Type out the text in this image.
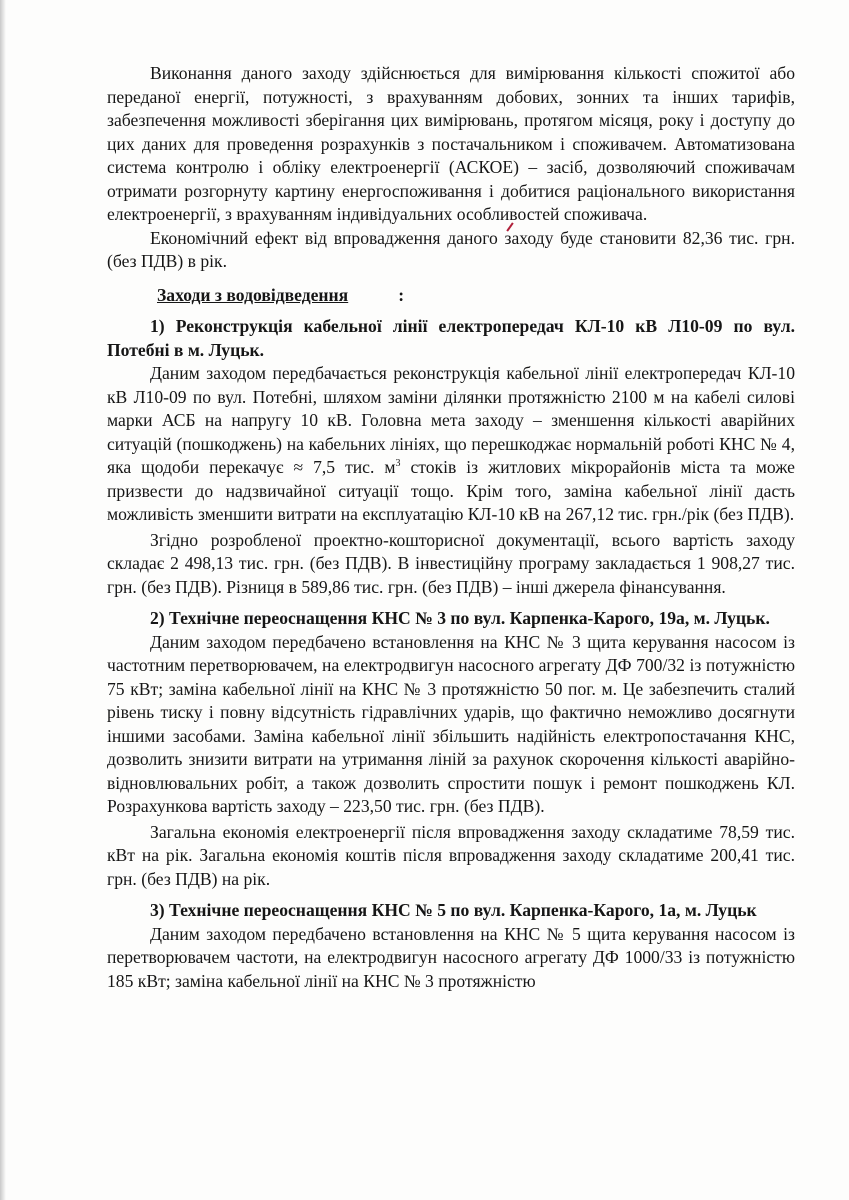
Виконання даного заходу здійснюється для вимірювання кількості спожитої або переданої енергії, потужності, з врахуванням добових, зонних та інших тарифів, забезпечення можливості зберігання цих вимірювань, протягом місяця, року і доступу до цих даних для проведення розрахунків з постачальником і споживачем. Автоматизована система контролю і обліку електроенергії (АСКОЕ) – засіб, дозволяючий споживачам отримати розгорнуту картину енергоспоживання і добитися раціонального використання електроенергії, з врахуванням індивідуальних особливостей споживача.

Економічний ефект від впровадження даного заходу буде становити 82,36 тис. грн. (без ПДВ) в рік.

Заходи з водовідведення	:

1) Реконструкція кабельної лінії електропередач КЛ-10 кВ Л10-09 по вул. Потебні в м. Луцьк.

Даним заходом передбачається реконструкція кабельної лінії електропередач КЛ-10 кВ Л10-09 по вул. Потебні, шляхом заміни ділянки протяжністю 2100 м на кабелі силові марки АСБ на напругу 10 кВ. Головна мета заходу – зменшення кількості аварійних ситуацій (пошкоджень) на кабельних лініях, що перешкоджає нормальній роботі КНС № 4, яка щодоби перекачує ≈ 7,5 тис. $м^3$ стоків із житлових мікрорайонів міста та може призвести до надзвичайної ситуації тощо. Крім того, заміна кабельної лінії дасть можливість зменшити витрати на експлуатацію КЛ-10 кВ на 267,12 тис. грн./рік (без ПДВ).

Згідно розробленої проектно-кошторисної документації, всього вартість заходу складає 2 498,13 тис. грн. (без ПДВ). В інвестиційну програму закладається 1 908,27 тис. грн. (без ПДВ). Різниця в 589,86 тис. грн. (без ПДВ) – інші джерела фінансування.

2) Технічне переоснащення КНС № 3 по вул. Карпенка-Карого, 19а, м. Луцьк.

Даним заходом передбачено встановлення на КНС № 3 щита керування насосом із частотним перетворювачем, на електродвигун насосного агрегату ДФ 700/32 із потужністю 75 кВт; заміна кабельної лінії на КНС № 3 протяжністю 50 пог. м. Це забезпечить сталий рівень тиску і повну відсутність гідравлічних ударів, що фактично неможливо досягнути іншими засобами. Заміна кабельної лінії збільшить надійність електропостачання КНС, дозволить знизити витрати на утримання ліній за рахунок скорочення кількості аварійно-відновлювальних робіт, а також дозволить спростити пошук і ремонт пошкоджень КЛ. Розрахункова вартість заходу – 223,50 тис. грн. (без ПДВ).

Загальна економія електроенергії після впровадження заходу складатиме 78,59 тис. кВт на рік. Загальна економія коштів після впровадження заходу складатиме 200,41 тис. грн. (без ПДВ) на рік.

3) Технічне переоснащення КНС № 5 по вул. Карпенка-Карого, 1а, м. Луцьк

Даним заходом передбачено встановлення на КНС № 5 щита керування насосом із перетворювачем частоти, на електродвигун насосного агрегату ДФ 1000/33 із потужністю 185 кВт; заміна кабельної лінії на КНС № 3 протяжністю
